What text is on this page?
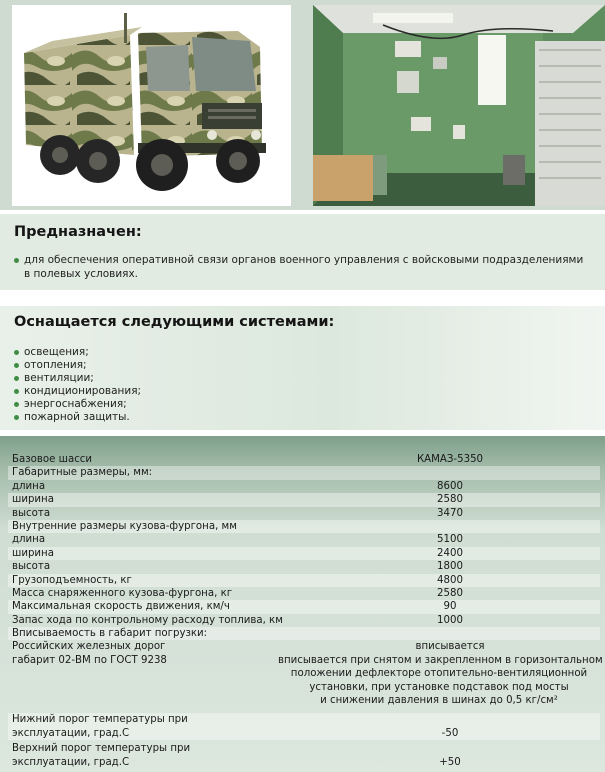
Предназначен:
для обеспечения оперативной связи органов военного управления с войсковыми подразделениями
в полевых условиях.
Оснащается следующими системами:
освещения;
отопления;
вентиляции;
кондиционирования;
энергоснабжения;
пожарной защиты.
Базовое шасси	КАМАЗ-5350
Габаритные размеры, мм:
длина	8600
ширина	2580
высота	3470
Внутренние размеры кузова-фургона, мм
длина	5100
ширина	2400
высота	1800
Грузоподъемность, кг	4800
Масса снаряженного кузова-фургона, кг	2580
Максимальная скорость движения, км/ч	90
Запас хода по контрольному расходу топлива, км	1000
Вписываемость в габарит погрузки:
Российских железных дорог	вписывается
габарит 02-ВМ по ГОСТ 9238	вписывается при снятом и закрепленном в горизонтальном
положении дефлекторе отопительно-вентиляционной
установки, при установке подставок под мосты
и снижении давления в шинах до 0,5 кг/см²
Нижний порог температуры при
эксплуатации, град.С	-50
Верхний порог температуры при
эксплуатации, град.С	+50
